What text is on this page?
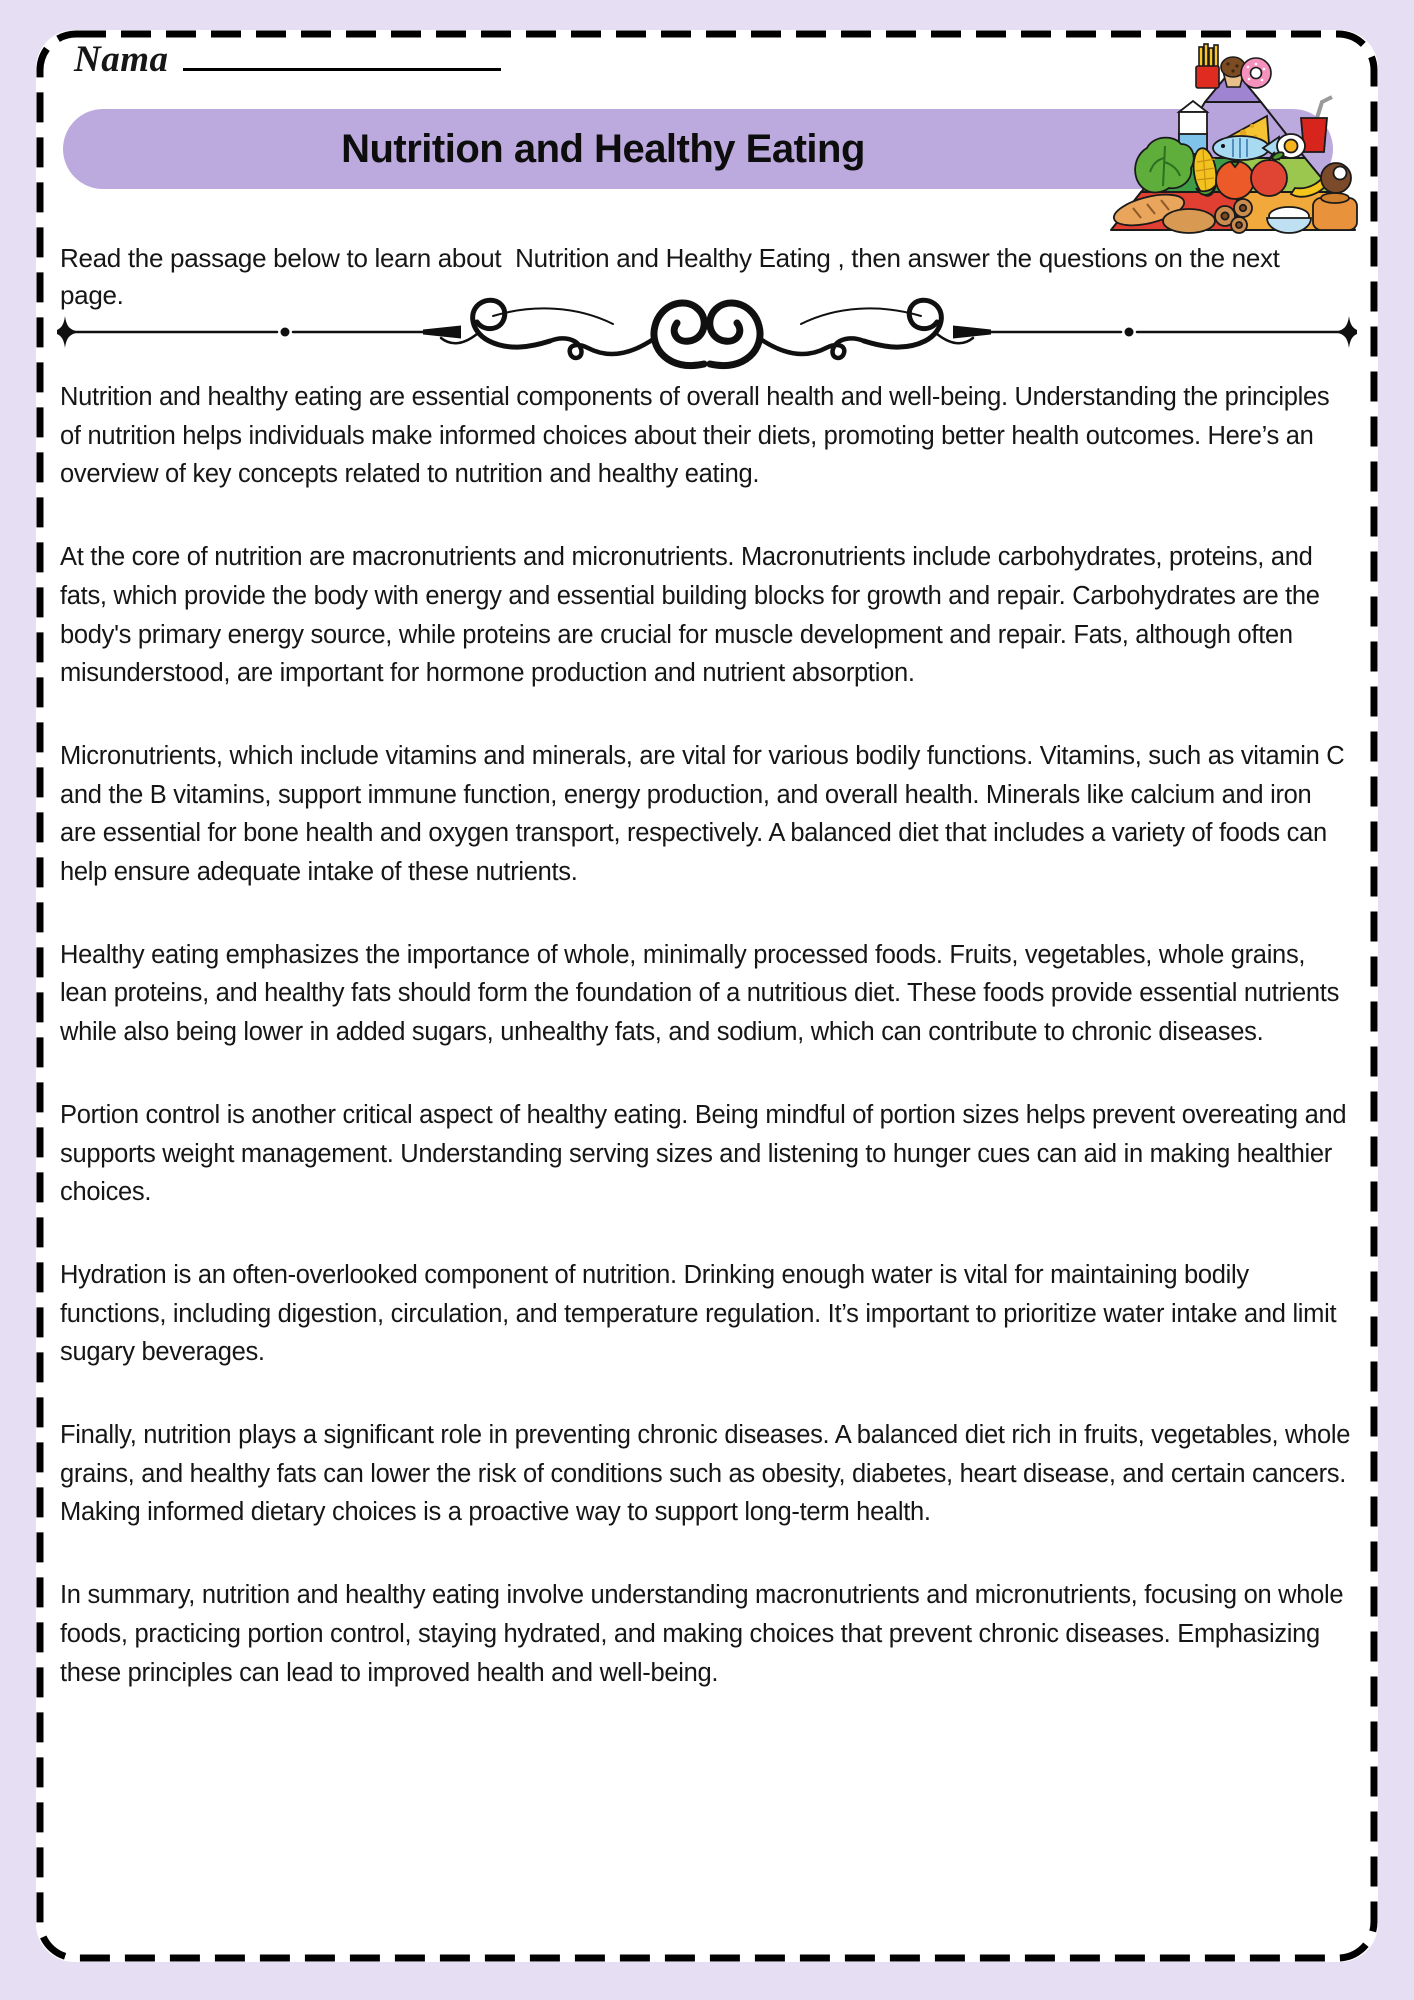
Nama
Nutrition and Healthy Eating

Read the passage below to learn about  Nutrition and Healthy Eating , then answer the questions on the next  page.

Nutrition and healthy eating are essential components of overall health and well-being. Understanding the principles of nutrition helps individuals make informed choices about their diets, promoting better health outcomes. Here’s an overview of key concepts related to nutrition and healthy eating.

At the core of nutrition are macronutrients and micronutrients. Macronutrients include carbohydrates, proteins, and fats, which provide the body with energy and essential building blocks for growth and repair. Carbohydrates are the body's primary energy source, while proteins are crucial for muscle development and repair. Fats, although often misunderstood, are important for hormone production and nutrient absorption.

Micronutrients, which include vitamins and minerals, are vital for various bodily functions. Vitamins, such as vitamin C and the B vitamins, support immune function, energy production, and overall health. Minerals like calcium and iron are essential for bone health and oxygen transport, respectively. A balanced diet that includes a variety of foods can help ensure adequate intake of these nutrients.

Healthy eating emphasizes the importance of whole, minimally processed foods. Fruits, vegetables, whole grains, lean proteins, and healthy fats should form the foundation of a nutritious diet. These foods provide essential nutrients while also being lower in added sugars, unhealthy fats, and sodium, which can contribute to chronic diseases.

Portion control is another critical aspect of healthy eating. Being mindful of portion sizes helps prevent overeating and supports weight management. Understanding serving sizes and listening to hunger cues can aid in making healthier choices.

Hydration is an often-overlooked component of nutrition. Drinking enough water is vital for maintaining bodily functions, including digestion, circulation, and temperature regulation. It’s important to prioritize water intake and limit sugary beverages.

Finally, nutrition plays a significant role in preventing chronic diseases. A balanced diet rich in fruits, vegetables, whole grains, and healthy fats can lower the risk of conditions such as obesity, diabetes, heart disease, and certain cancers. Making informed dietary choices is a proactive way to support long-term health.

In summary, nutrition and healthy eating involve understanding macronutrients and micronutrients, focusing on whole foods, practicing portion control, staying hydrated, and making choices that prevent chronic diseases. Emphasizing these principles can lead to improved health and well-being.
